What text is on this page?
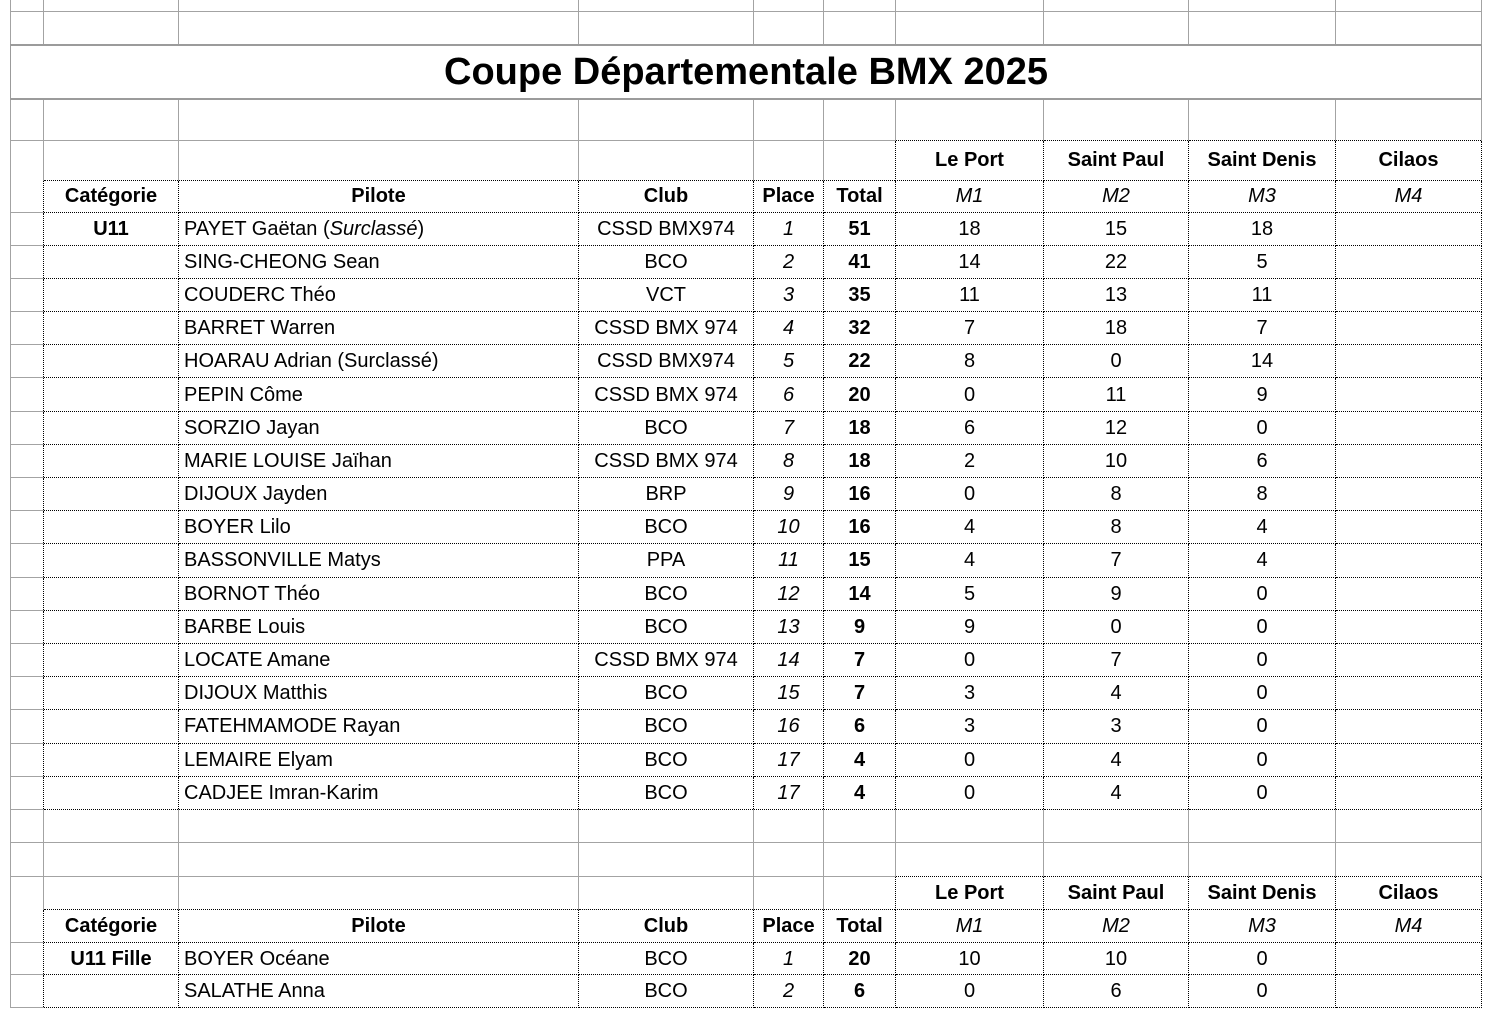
Coupe Départementale BMX 2025									

						Le Port	Saint Paul	Saint Denis	Cilaos
	Catégorie	Pilote	Club	Place	Total	M1	M2	M3	M4
	U11	PAYET Gaëtan (Surclassé)	CSSD BMX974	1	51	18	15	18	
		SING-CHEONG Sean	BCO	2	41	14	22	5	
		COUDERC Théo	VCT	3	35	11	13	11	
		BARRET Warren	CSSD BMX 974	4	32	7	18	7	
		HOARAU Adrian (Surclassé)	CSSD BMX974	5	22	8	0	14	
		PEPIN Côme	CSSD BMX 974	6	20	0	11	9	
		SORZIO Jayan	BCO	7	18	6	12	0	
		MARIE LOUISE Jaïhan	CSSD BMX 974	8	18	2	10	6	
		DIJOUX Jayden	BRP	9	16	0	8	8	
		BOYER Lilo	BCO	10	16	4	8	4	
		BASSONVILLE Matys	PPA	11	15	4	7	4	
		BORNOT Théo	BCO	12	14	5	9	0	
		BARBE Louis	BCO	13	9	9	0	0	
		LOCATE Amane	CSSD BMX 974	14	7	0	7	0	
		DIJOUX Matthis	BCO	15	7	3	4	0	
		FATEHMAMODE Rayan	BCO	16	6	3	3	0	
		LEMAIRE Elyam	BCO	17	4	0	4	0	
		CADJEE Imran-Karim	BCO	17	4	0	4	0	

						Le Port	Saint Paul	Saint Denis	Cilaos
	Catégorie	Pilote	Club	Place	Total	M1	M2	M3	M4
	U11 Fille	BOYER Océane	BCO	1	20	10	10	0	
		SALATHE Anna	BCO	2	6	0	6	0	
